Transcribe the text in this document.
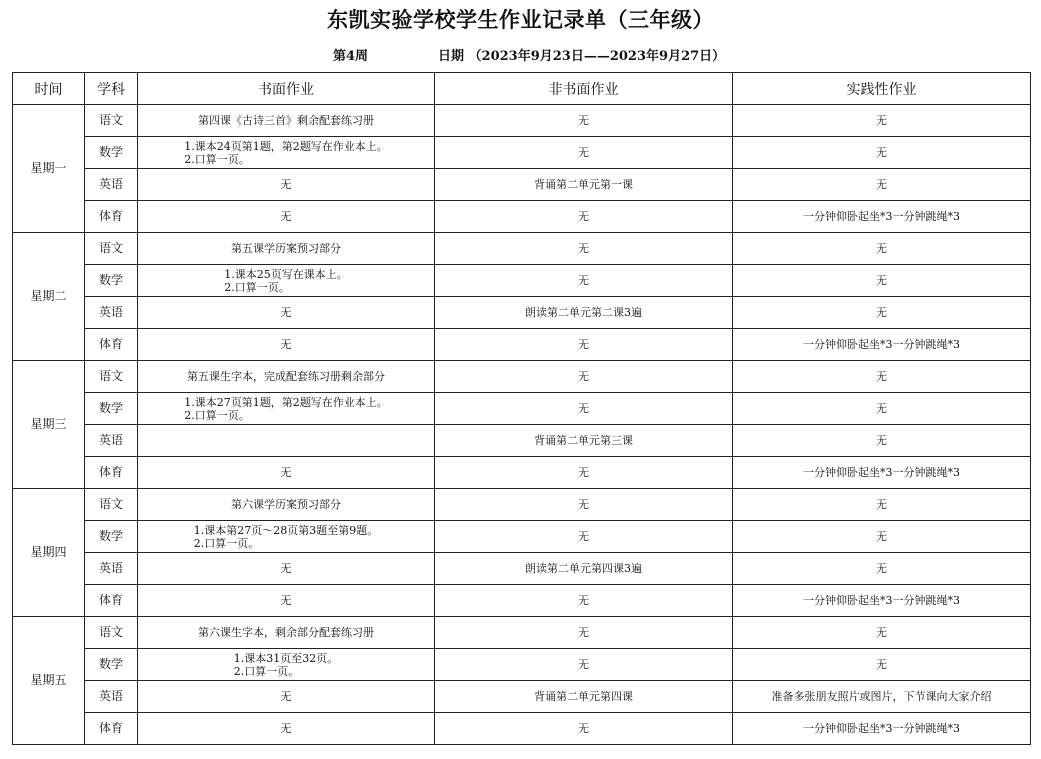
东凯实验学校学生作业记录单（三年级）
第4周	日期 （2023年9月23日——2023年9月27日）
时间	学科	书面作业	非书面作业	实践性作业
星期一	语文	第四课《古诗三首》剩余配套练习册	无	无
	数学	1.课本24页第1题，第2题写在作业本上。
2.口算一页。	无	无
	英语	无	背诵第二单元第一课	无
	体育	无	无	一分钟仰卧起坐*3一分钟跳绳*3
星期二	语文	第五课学历案预习部分	无	无
	数学	1.课本25页写在课本上。
2.口算一页。	无	无
	英语	无	朗读第二单元第二课3遍	无
	体育	无	无	一分钟仰卧起坐*3一分钟跳绳*3
星期三	语文	第五课生字本，完成配套练习册剩余部分	无	无
	数学	1.课本27页第1题，第2题写在作业本上。
2.口算一页。	无	无
	英语		背诵第二单元第三课	无
	体育	无	无	一分钟仰卧起坐*3一分钟跳绳*3
星期四	语文	第六课学历案预习部分	无	无
	数学	1.课本第27页～28页第3题至第9题。
2.口算一页。	无	无
	英语	无	朗读第二单元第四课3遍	无
	体育	无	无	一分钟仰卧起坐*3一分钟跳绳*3
星期五	语文	第六课生字本，剩余部分配套练习册	无	无
	数学	1.课本31页至32页。
2.口算一页。	无	无
	英语	无	背诵第二单元第四课	准备多张朋友照片或图片，下节课向大家介绍
	体育	无	无	一分钟仰卧起坐*3一分钟跳绳*3
